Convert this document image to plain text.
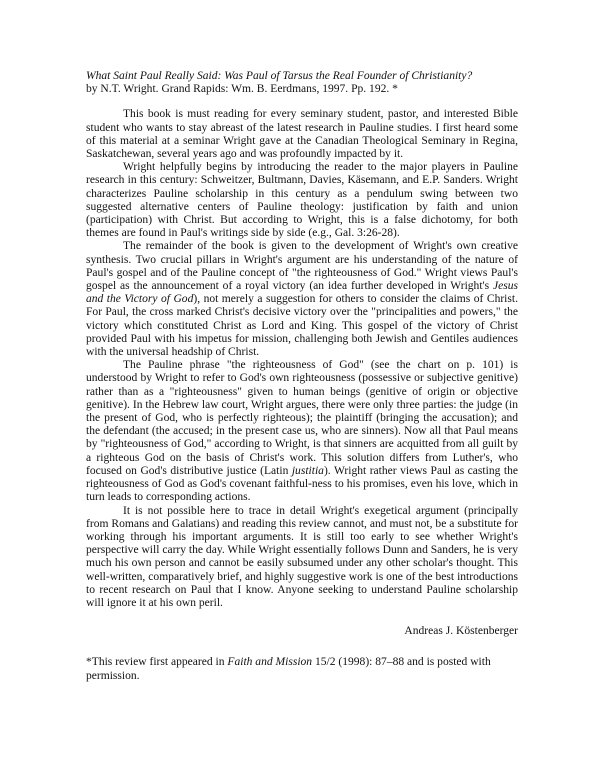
What Saint Paul Really Said: Was Paul of Tarsus the Real Founder of Christianity?

by N.T. Wright. Grand Rapids: Wm. B. Eerdmans, 1997. Pp. 192. *

This book is must reading for every seminary student, pastor, and interested Bible student who wants to stay abreast of the latest research in Pauline studies. I first heard some of this material at a seminar Wright gave at the Canadian Theological Seminary in Regina, Saskatchewan, several years ago and was profoundly impacted by it.

Wright helpfully begins by introducing the reader to the major players in Pauline research in this century: Schweitzer, Bultmann, Davies, Käsemann, and E.P. Sanders. Wright characterizes Pauline scholarship in this century as a pendulum swing between two suggested alternative centers of Pauline theology: justification by faith and union (participation) with Christ. But according to Wright, this is a false dichotomy, for both themes are found in Paul's writings side by side (e.g., Gal. 3:26-28).

The remainder of the book is given to the development of Wright's own creative synthesis. Two crucial pillars in Wright's argument are his understanding of the nature of Paul's gospel and of the Pauline concept of "the righteousness of God." Wright views Paul's gospel as the announcement of a royal victory (an idea further developed in Wright's Jesus and the Victory of God), not merely a suggestion for others to consider the claims of Christ. For Paul, the cross marked Christ's decisive victory over the "principalities and powers," the victory which constituted Christ as Lord and King. This gospel of the victory of Christ provided Paul with his impetus for mission, challenging both Jewish and Gentiles audiences with the universal headship of Christ.

The Pauline phrase "the righteousness of God" (see the chart on p. 101) is understood by Wright to refer to God's own righteousness (possessive or subjective genitive) rather than as a "righteousness" given to human beings (genitive of origin or objective genitive). In the Hebrew law court, Wright argues, there were only three parties: the judge (in the present of God, who is perfectly righteous); the plaintiff (bringing the accusation); and the defendant (the accused; in the present case us, who are sinners). Now all that Paul means by "righteousness of God," according to Wright, is that sinners are acquitted from all guilt by a righteous God on the basis of Christ's work. This solution differs from Luther's, who focused on God's distributive justice (Latin justitia). Wright rather views Paul as casting the righteousness of God as God's covenant faithful-ness to his promises, even his love, which in turn leads to corresponding actions.

It is not possible here to trace in detail Wright's exegetical argument (principally from Romans and Galatians) and reading this review cannot, and must not, be a substitute for working through his important arguments. It is still too early to see whether Wright's perspective will carry the day. While Wright essentially follows Dunn and Sanders, he is very much his own person and cannot be easily subsumed under any other scholar's thought. This well-written, comparatively brief, and highly suggestive work is one of the best introductions to recent research on Paul that I know. Anyone seeking to understand Pauline scholarship will ignore it at his own peril.

Andreas J. Köstenberger

*This review first appeared in Faith and Mission 15/2 (1998): 87–88 and is posted with permission.
